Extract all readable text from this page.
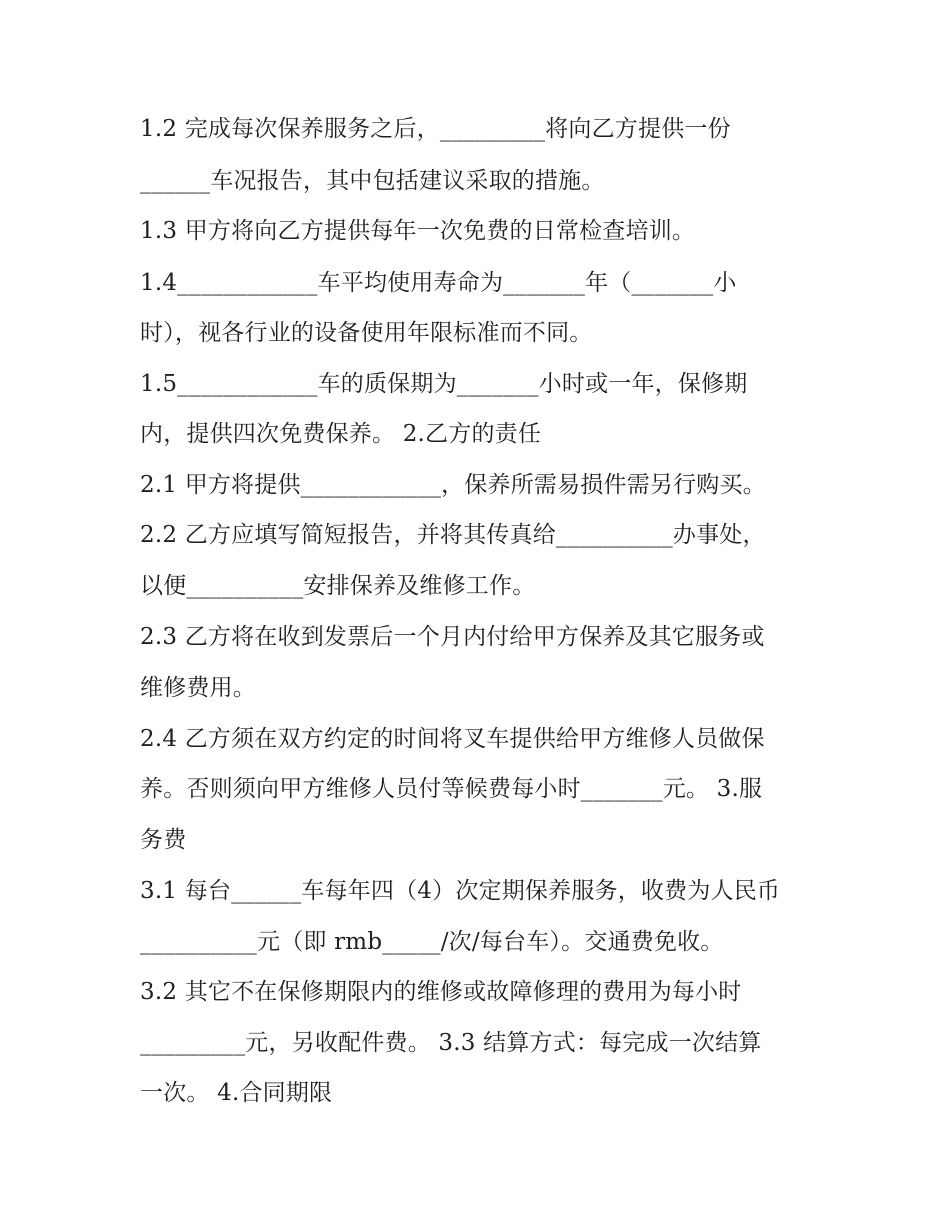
1.2 完成每次保养服务之后，_________将向乙方提供一份
______车况报告，其中包括建议采取的措施。
1.3 甲方将向乙方提供每年一次免费的日常检查培训。
1.4____________车平均使用寿命为_______年（_______小
时），视各行业的设备使用年限标准而不同。
1.5____________车的质保期为_______小时或一年，保修期
内，提供四次免费保养。 2.乙方的责任
2.1 甲方将提供____________，保养所需易损件需另行购买。
2.2 乙方应填写简短报告，并将其传真给__________办事处，
以便__________安排保养及维修工作。
2.3 乙方将在收到发票后一个月内付给甲方保养及其它服务或
维修费用。
2.4 乙方须在双方约定的时间将叉车提供给甲方维修人员做保
养。否则须向甲方维修人员付等候费每小时_______元。 3.服
务费
3.1 每台______车每年四（4）次定期保养服务，收费为人民币
__________元（即 rmb_____/次/每台车）。交通费免收。
3.2 其它不在保修期限内的维修或故障修理的费用为每小时
_________元，另收配件费。 3.3 结算方式：每完成一次结算
一次。 4.合同期限
